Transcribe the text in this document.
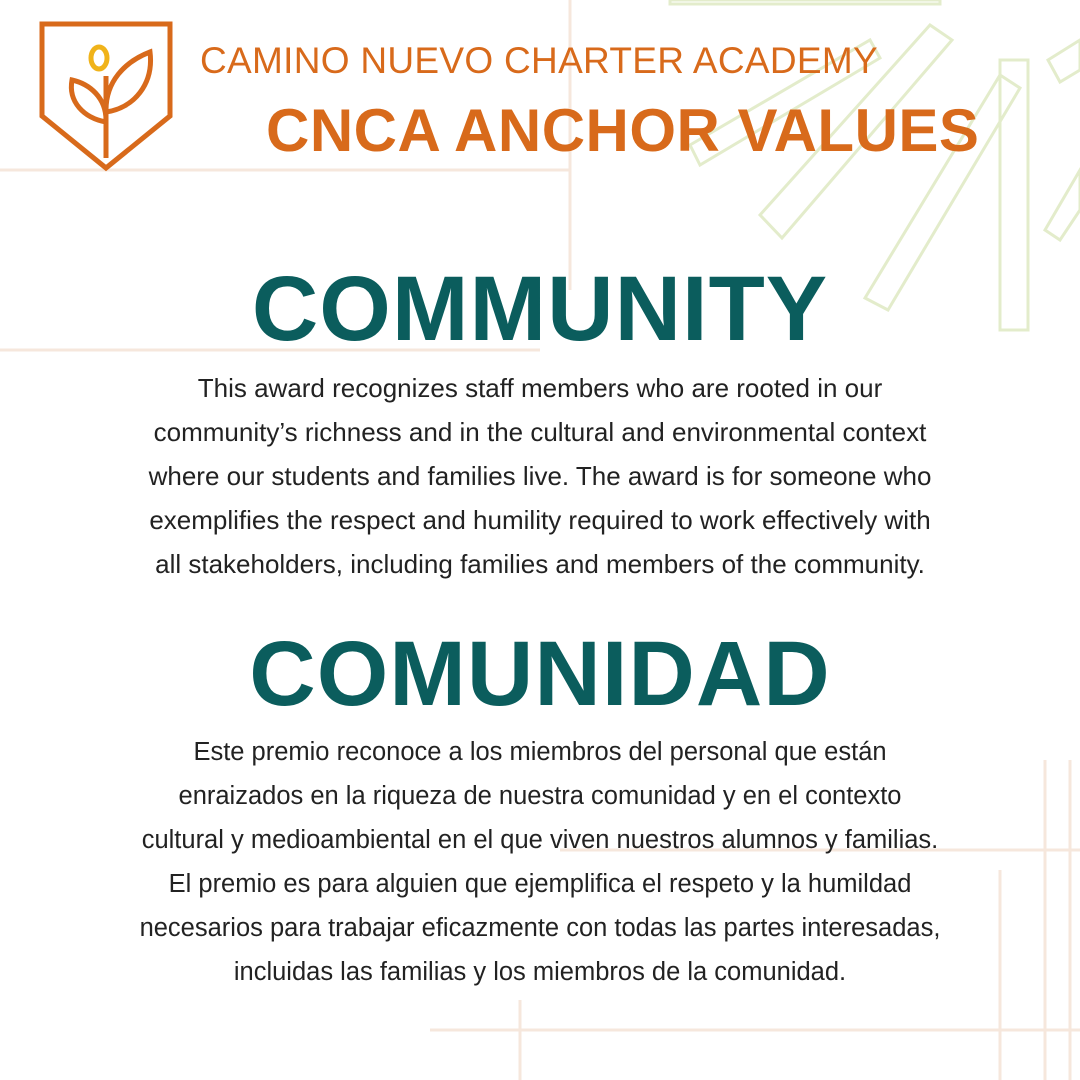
CAMINO NUEVO CHARTER ACADEMY
CNCA ANCHOR VALUES
COMMUNITY
This award recognizes staff members who are rooted in our
community’s richness and in the cultural and environmental context
where our students and families live. The award is for someone who
exemplifies the respect and humility required to work effectively with
all stakeholders, including families and members of the community.
COMUNIDAD
Este premio reconoce a los miembros del personal que están
enraizados en la riqueza de nuestra comunidad y en el contexto
cultural y medioambiental en el que viven nuestros alumnos y familias.
El premio es para alguien que ejemplifica el respeto y la humildad
necesarios para trabajar eficazmente con todas las partes interesadas,
incluidas las familias y los miembros de la comunidad.
